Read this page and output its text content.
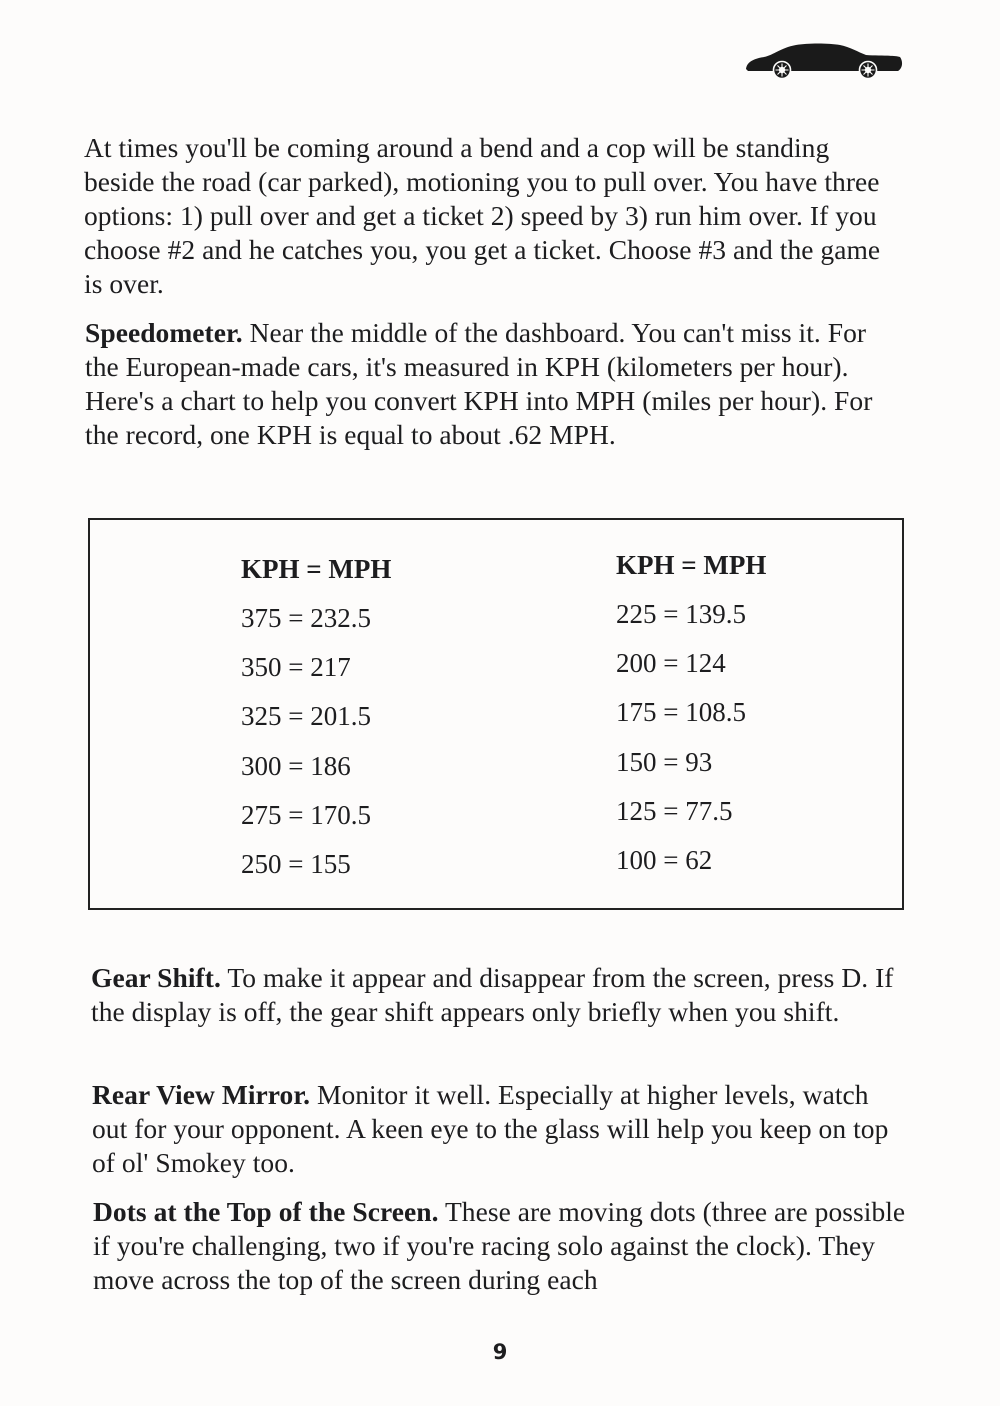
At times you'll be coming around a bend and a cop will be standing beside the road (car parked), motioning you to pull over. You have three options: 1) pull over and get a ticket 2) speed by 3) run him over. If you choose #2 and he catches you, you get a ticket. Choose #3 and the game is over.

Speedometer. Near the middle of the dashboard. You can't miss it. For the European-made cars, it's measured in KPH (kilometers per hour). Here's a chart to help you convert KPH into MPH (miles per hour). For the record, one KPH is equal to about .62 MPH.

KPH = MPH
375 = 232.5
350 = 217
325 = 201.5
300 = 186
275 = 170.5
250 = 155
KPH = MPH
225 = 139.5
200 = 124
175 = 108.5
150 = 93
125 = 77.5
100 = 62

Gear Shift. To make it appear and disappear from the screen, press D. If the display is off, the gear shift appears only briefly when you shift.

Rear View Mirror. Monitor it well. Especially at higher levels, watch out for your opponent. A keen eye to the glass will help you keep on top of ol' Smokey too.

Dots at the Top of the Screen. These are moving dots (three are possible if you're challenging, two if you're racing solo against the clock). They move across the top of the screen during each

9
